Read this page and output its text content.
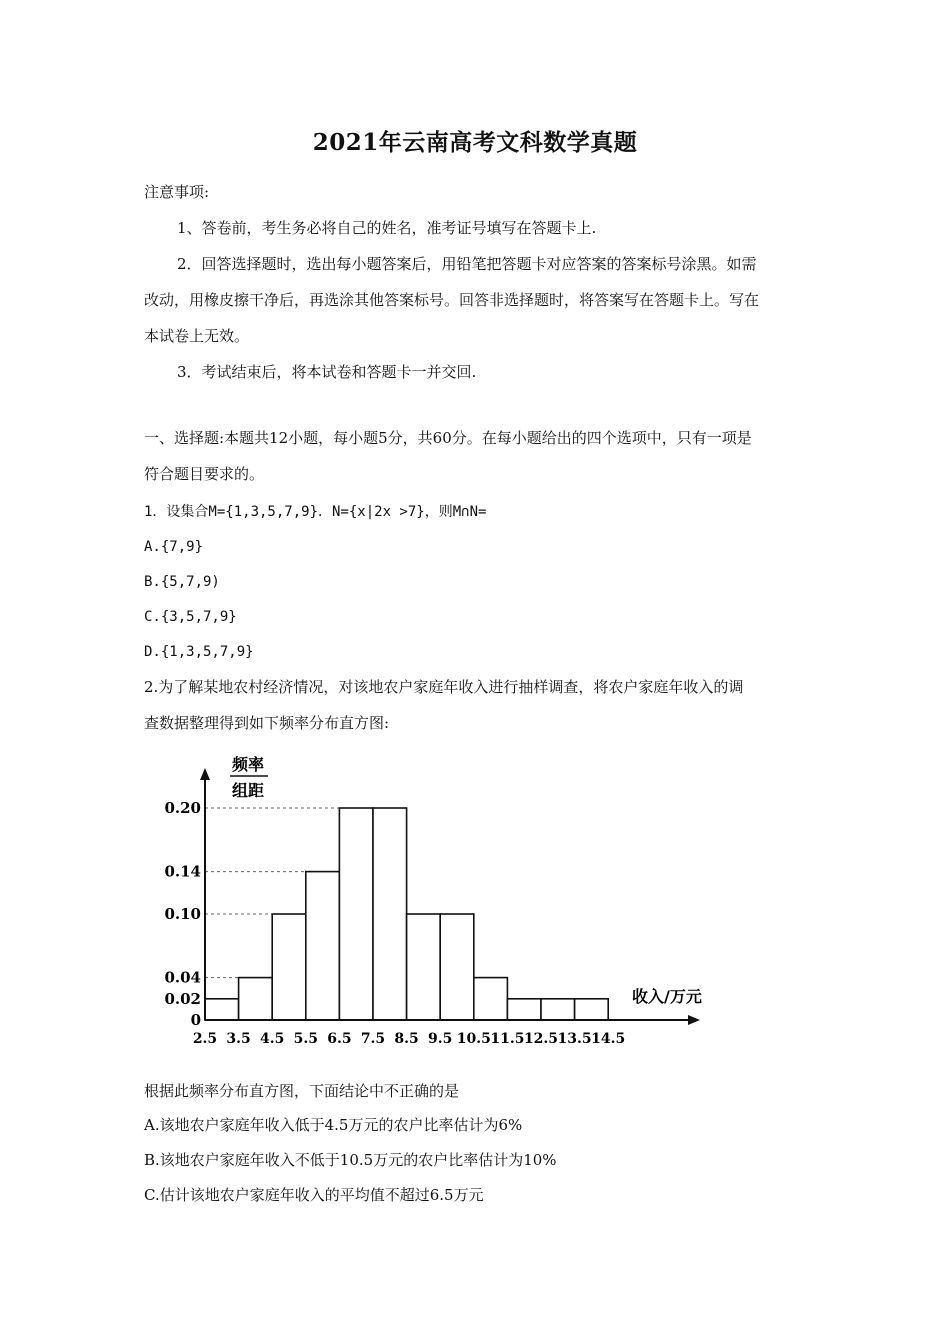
2021年云南高考文科数学真题
注意事项:
1、答卷前，考生务必将自己的姓名，准考证号填写在答题卡上.
2．回答选择题时，选出每小题答案后，用铅笔把答题卡对应答案的答案标号涂黑。如需
改动，用橡皮擦干净后，再选涂其他答案标号。回答非选择题时，将答案写在答题卡上。写在
本试卷上无效。
3．考试结束后，将本试卷和答题卡一并交回.
一、选择题:本题共12小题，每小题5分，共60分。在每小题给出的四个选项中，只有一项是
符合题目要求的。
1．设集合M={1,3,5,7,9}．N={x|2x >7}，则M∩N=
A.{7,9}
B.{5,7,9)
C.{3,5,7,9}
D.{1,3,5,7,9}
2.为了解某地农村经济情况，对该地农户家庭年收入进行抽样调查，将农户家庭年收入的调
查数据整理得到如下频率分布直方图:
0
0.02
0.04
0.10
0.14
0.20
2.5 3.5 4.5 5.5 6.5 7.5 8.5 9.5 10.5 11.5 12.5 13.5 14.5
频率
组距
收入/万元
根据此频率分布直方图，下面结论中不正确的是
A.该地农户家庭年收入低于4.5万元的农户比率估计为6%
B.该地农户家庭年收入不低于10.5万元的农户比率估计为10%
C.估计该地农户家庭年收入的平均值不超过6.5万元
